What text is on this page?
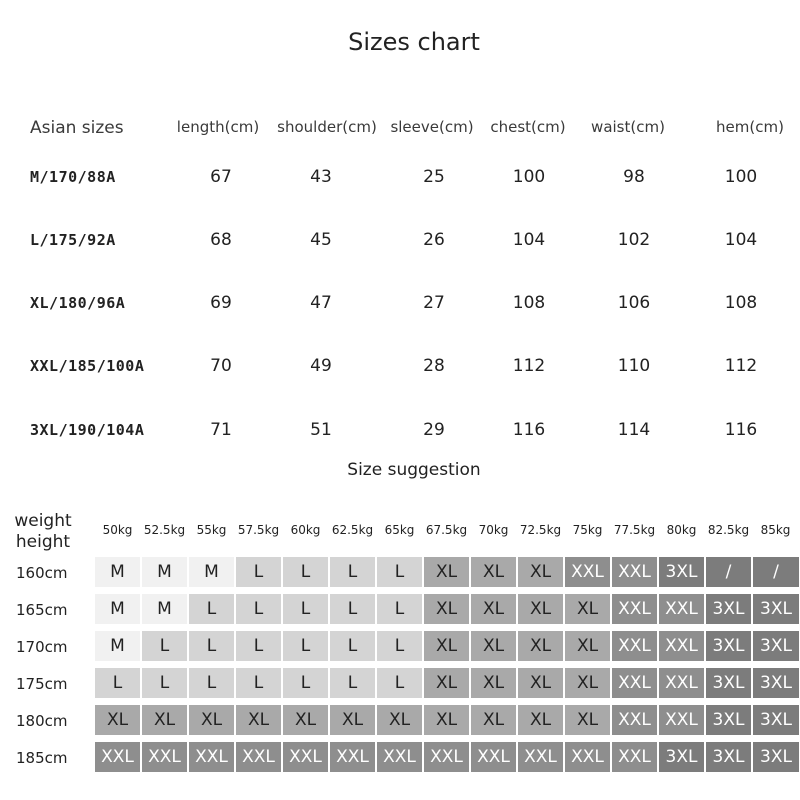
Sizes chart
Asian sizes	length(cm) shoulder(cm) sleeve(cm) chest(cm) waist(cm)	hem(cm)
M/170/88A	67	43	25	100	98	100
L/175/92A	68	45	26	104	102	104
XL/180/96A	69	47	27	108	106	108
XXL/185/100A	70	49	28	112	110	112
3XL/190/104A	71	51	29	116	114	116
Size suggestion
weight
height
50kg 52.5kg 55kg 57.5kg 60kg 62.5kg 65kg 67.5kg 70kg 72.5kg 75kg 77.5kg 80kg 82.5kg 85kg
160cm	M	M	M	L	L	L	L	XL	XL	XL	XXL XXL 3XL	/	/
165cm	M	M	L	L	L	L	L	XL	XL	XL	XL	XXL XXL 3XL 3XL
170cm	M	L	L	L	L	L	L	XL	XL	XL	XL	XXL XXL 3XL 3XL
175cm	L	L	L	L	L	L	L	XL	XL	XL	XL	XXL XXL 3XL 3XL
180cm	XL	XL	XL	XL	XL	XL	XL	XL	XL	XL	XL	XXL XXL 3XL 3XL
185cm	XXL XXL XXL XXL XXL XXL XXL XXL XXL XXL XXL XXL 3XL 3XL 3XL
